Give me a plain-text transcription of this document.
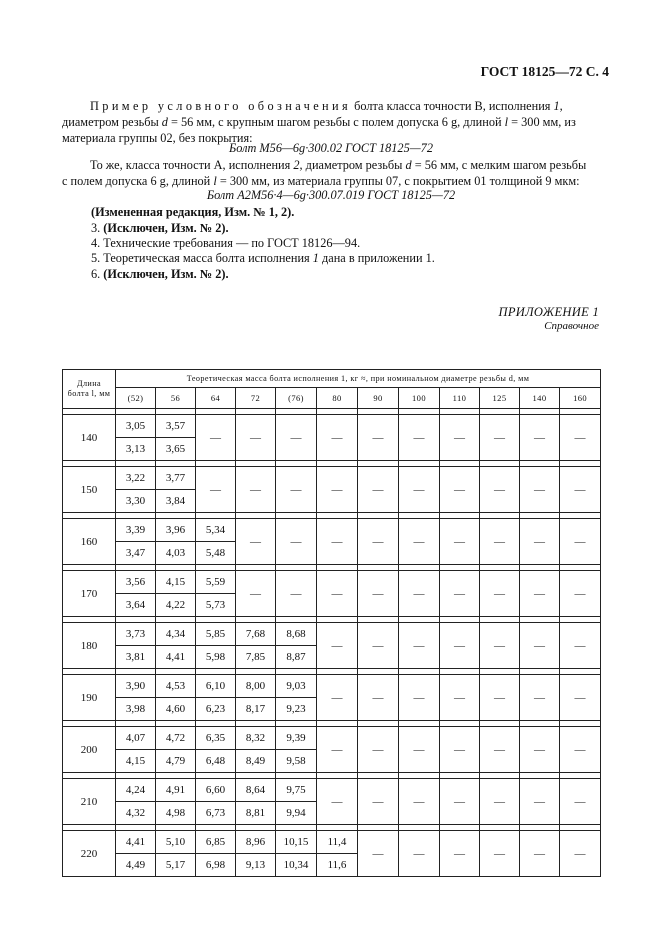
ГОСТ 18125—72 С. 4
Пример условного обозначения болта класса точности В, исполнения 1,
диаметром резьбы d = 56 мм, с крупным шагом резьбы с полем допуска 6 g, длиной l = 300 мм, из
материала группы 02, без покрытия:
Болт М56—6g·300.02 ГОСТ 18125—72
То же, класса точности А, исполнения 2, диаметром резьбы d = 56 мм, с мелким шагом резьбы
с полем допуска 6 g, длиной l = 300 мм, из материала группы 07, с покрытием 01 толщиной 9 мкм:
Болт А2М56·4—6g·300.07.019 ГОСТ 18125—72
(Измененная редакция, Изм. № 1, 2).
3. (Исключен, Изм. № 2).
4. Технические требования — по ГОСТ 18126—94.
5. Теоретическая масса болта исполнения 1 дана в приложении 1.
6. (Исключен, Изм. № 2).
ПРИЛОЖЕНИЕ 1
Справочное
Длина болта l, мм	Теоретическая масса болта исполнения 1, кг ≈, при номинальном диаметре резьбы d, мм											
	(52)	56	64	72	(76)	80	90	100	110	125	140	160

140	3,05	3,57	—	—	—	—	—	—	—	—	—	—
	3,13	3,65										

150	3,22	3,77	—	—	—	—	—	—	—	—	—	—
	3,30	3,84										

160	3,39	3,96	5,34	—	—	—	—	—	—	—	—	—
	3,47	4,03	5,48									

170	3,56	4,15	5,59	—	—	—	—	—	—	—	—	—
	3,64	4,22	5,73									

180	3,73	4,34	5,85	7,68	8,68	—	—	—	—	—	—	—
	3,81	4,41	5,98	7,85	8,87							

190	3,90	4,53	6,10	8,00	9,03	—	—	—	—	—	—	—
	3,98	4,60	6,23	8,17	9,23							

200	4,07	4,72	6,35	8,32	9,39	—	—	—	—	—	—	—
	4,15	4,79	6,48	8,49	9,58							

210	4,24	4,91	6,60	8,64	9,75	—	—	—	—	—	—	—
	4,32	4,98	6,73	8,81	9,94							

220	4,41	5,10	6,85	8,96	10,15	11,4	—	—	—	—	—	—
	4,49	5,17	6,98	9,13	10,34	11,6						
